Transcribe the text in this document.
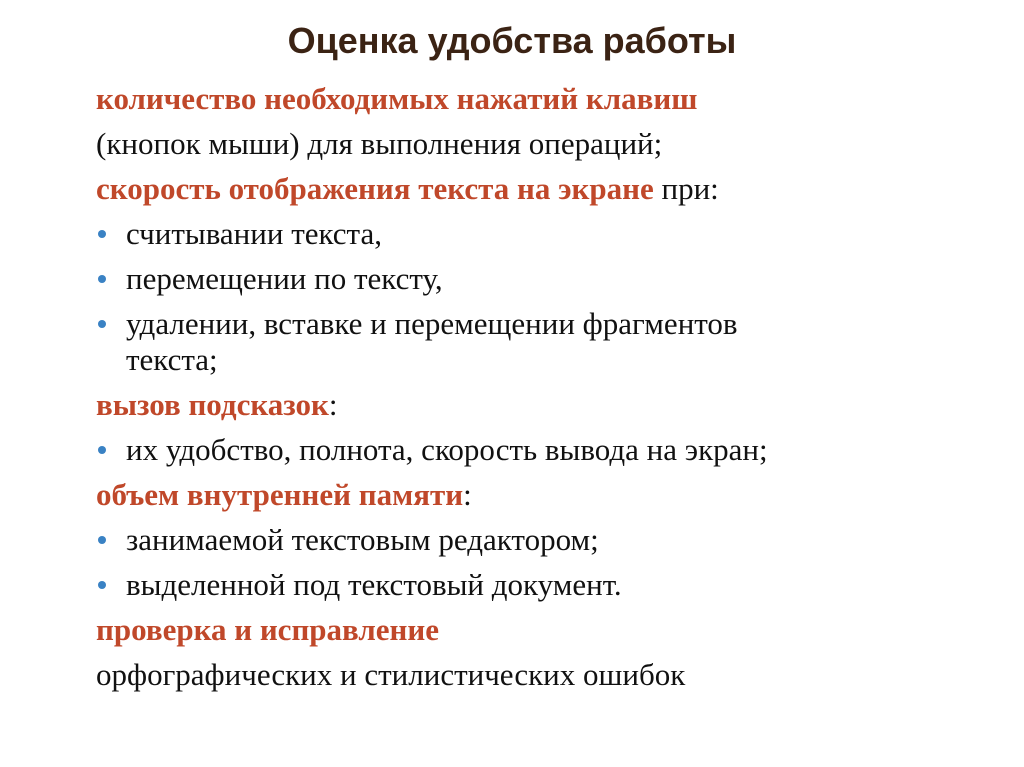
Оценка удобства работы
количество необходимых нажатий клавиш
(кнопок мыши) для выполнения операций;
скорость отображения текста на экране при:
считывании текста,
перемещении по тексту,
удалении, вставке и перемещении фрагментов
текста;
вызов подсказок:
их удобство, полнота, скорость вывода на экран;
объем внутренней памяти:
занимаемой текстовым редактором;
выделенной под текстовый документ.
проверка и исправление
орфографических и стилистических ошибок
